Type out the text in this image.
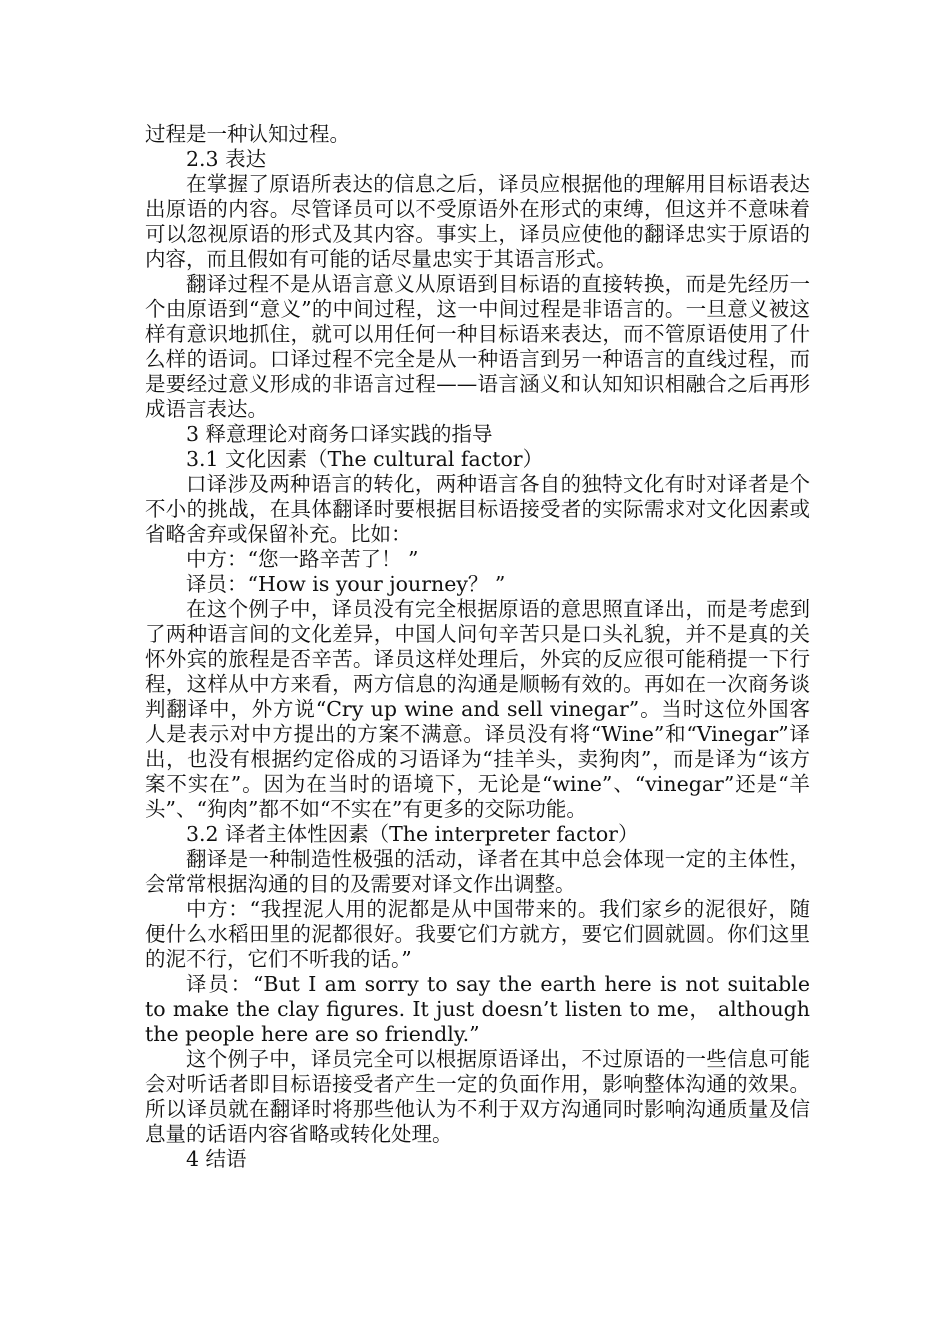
过程是一种认知过程。

2.3 表达

在掌握了原语所表达的信息之后，译员应根据他的理解用目标语表达出原语的内容。尽管译员可以不受原语外在形式的束缚，但这并不意味着可以忽视原语的形式及其内容。事实上，译员应使他的翻译忠实于原语的内容，而且假如有可能的话尽量忠实于其语言形式。

翻译过程不是从语言意义从原语到目标语的直接转换，而是先经历一个由原语到“意义”的中间过程，这一中间过程是非语言的。一旦意义被这样有意识地抓住，就可以用任何一种目标语来表达，而不管原语使用了什么样的语词。口译过程不完全是从一种语言到另一种语言的直线过程，而是要经过意义形成的非语言过程——语言涵义和认知知识相融合之后再形成语言表达。

3 释意理论对商务口译实践的指导

3.1 文化因素（The cultural factor）

口译涉及两种语言的转化，两种语言各自的独特文化有时对译者是个不小的挑战，在具体翻译时要根据目标语接受者的实际需求对文化因素或省略舍弃或保留补充。比如：

中方：“您一路辛苦了！ ”

译员：“How is your journey？ ”

在这个例子中，译员没有完全根据原语的意思照直译出，而是考虑到了两种语言间的文化差异，中国人问句辛苦只是口头礼貌，并不是真的关怀外宾的旅程是否辛苦。译员这样处理后，外宾的反应很可能稍提一下行程，这样从中方来看，两方信息的沟通是顺畅有效的。再如在一次商务谈判翻译中，外方说“Cry up wine and sell vinegar”。当时这位外国客人是表示对中方提出的方案不满意。译员没有将“Wine”和“Vinegar”译出，也没有根据约定俗成的习语译为“挂羊头，卖狗肉”，而是译为“该方案不实在”。因为在当时的语境下，无论是“wine”、“vinegar”还是“羊头”、“狗肉”都不如“不实在”有更多的交际功能。

3.2 译者主体性因素（The interpreter factor）

翻译是一种制造性极强的活动，译者在其中总会体现一定的主体性，会常常根据沟通的目的及需要对译文作出调整。

中方：“我捏泥人用的泥都是从中国带来的。我们家乡的泥很好，随便什么水稻田里的泥都很好。我要它们方就方，要它们圆就圆。你们这里的泥不行，它们不听我的话。”

译员：“But I am sorry to say the earth here is not suitable to make the clay figures. It just doesn’t listen to me， although the people here are so friendly.”

这个例子中，译员完全可以根据原语译出，不过原语的一些信息可能会对听话者即目标语接受者产生一定的负面作用，影响整体沟通的效果。所以译员就在翻译时将那些他认为不利于双方沟通同时影响沟通质量及信息量的话语内容省略或转化处理。

4 结语
